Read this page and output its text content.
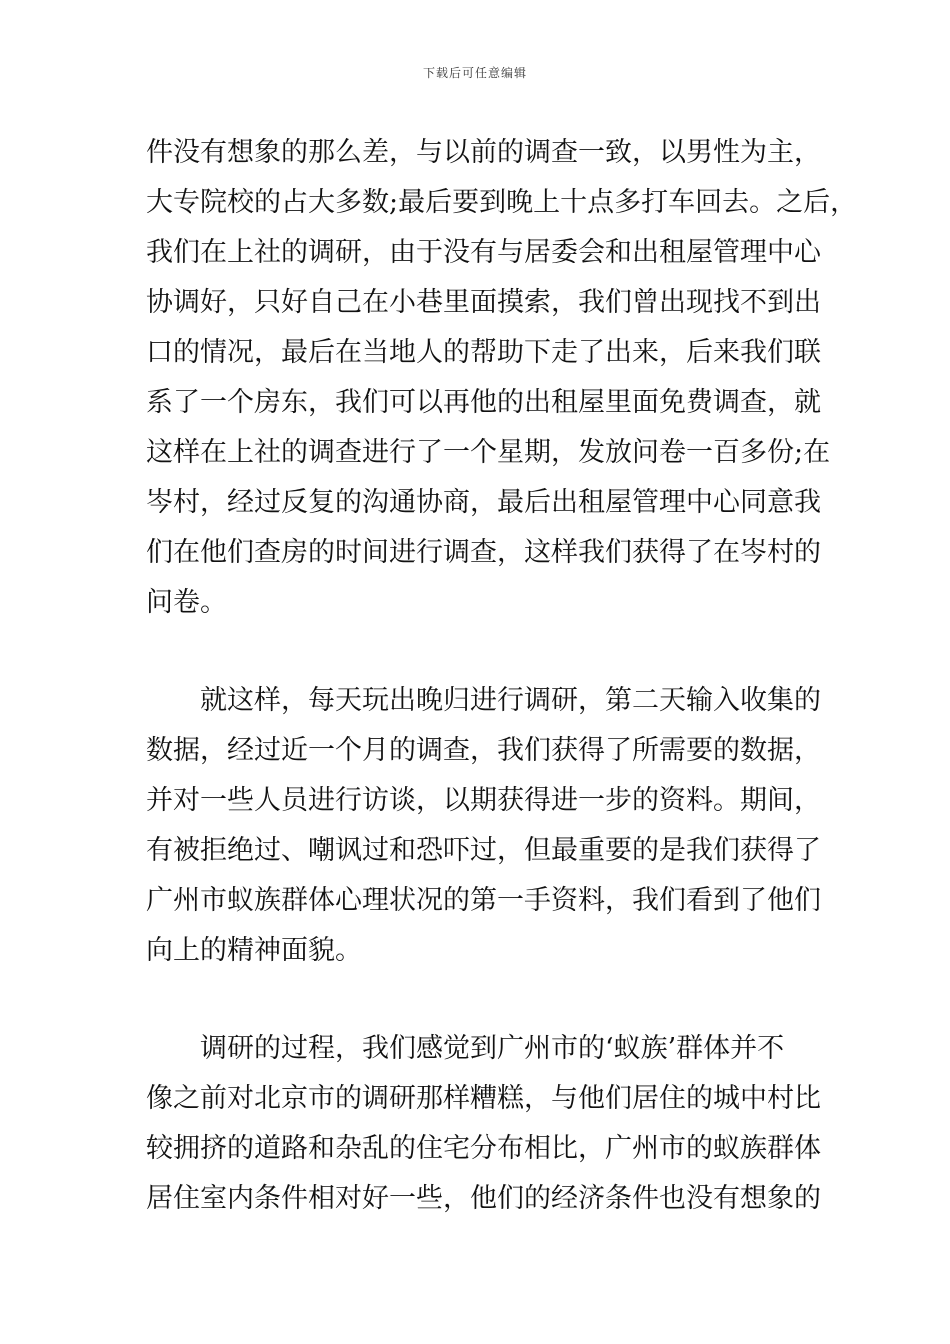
下载后可任意编辑
件没有想象的那么差，与以前的调查一致，以男性为主，
大专院校的占大多数;最后要到晚上十点多打车回去。之后，
我们在上社的调研，由于没有与居委会和出租屋管理中心
协调好，只好自己在小巷里面摸索，我们曾出现找不到出
口的情况，最后在当地人的帮助下走了出来，后来我们联
系了一个房东，我们可以再他的出租屋里面免费调查，就
这样在上社的调查进行了一个星期，发放问卷一百多份;在
岑村，经过反复的沟通协商，最后出租屋管理中心同意我
们在他们查房的时间进行调查，这样我们获得了在岑村的
问卷。
　　就这样，每天玩出晚归进行调研，第二天输入收集的
数据，经过近一个月的调查，我们获得了所需要的数据，
并对一些人员进行访谈，以期获得进一步的资料。期间，
有被拒绝过、嘲讽过和恐吓过，但最重要的是我们获得了
广州市蚁族群体心理状况的第一手资料，我们看到了他们
向上的精神面貌。
　　调研的过程，我们感觉到广州市的‘蚁族’群体并不
像之前对北京市的调研那样糟糕，与他们居住的城中村比
较拥挤的道路和杂乱的住宅分布相比，广州市的蚁族群体
居住室内条件相对好一些，他们的经济条件也没有想象的
